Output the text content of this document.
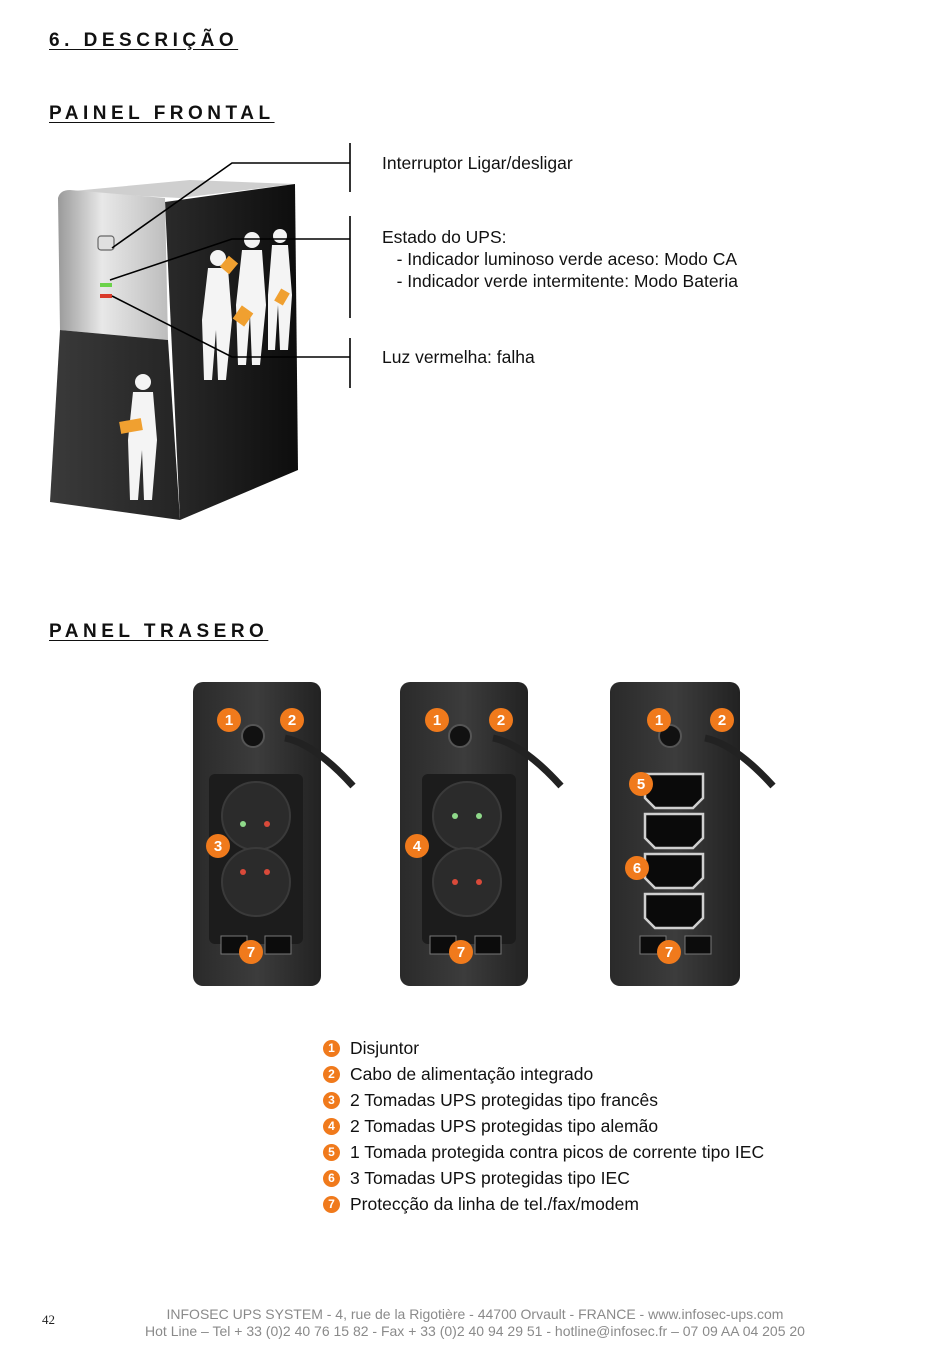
6. DESCRIÇÃO
PAINEL FRONTAL
Interruptor Ligar/desligar
Estado do UPS:
- Indicador luminoso verde aceso: Modo CA
- Indicador verde intermitente: Modo Bateria
Luz vermelha: falha
PANEL TRASERO
1	2
3
7
1	2
4
7
1	2
5
6
7
1 Disjuntor
2 Cabo de alimentação integrado
3 2 Tomadas UPS protegidas tipo francês
4 2 Tomadas UPS protegidas tipo alemão
5 1 Tomada protegida contra picos de corrente tipo IEC
6 3 Tomadas UPS protegidas tipo IEC
7 Protecção da linha de tel./fax/modem
42	INFOSEC UPS SYSTEM - 4, rue de la Rigotière - 44700 Orvault - FRANCE - www.infosec-ups.com
Hot Line – Tel + 33 (0)2 40 76 15 82 - Fax + 33 (0)2 40 94 29 51 - hotline@infosec.fr – 07 09 AA 04 205 20
